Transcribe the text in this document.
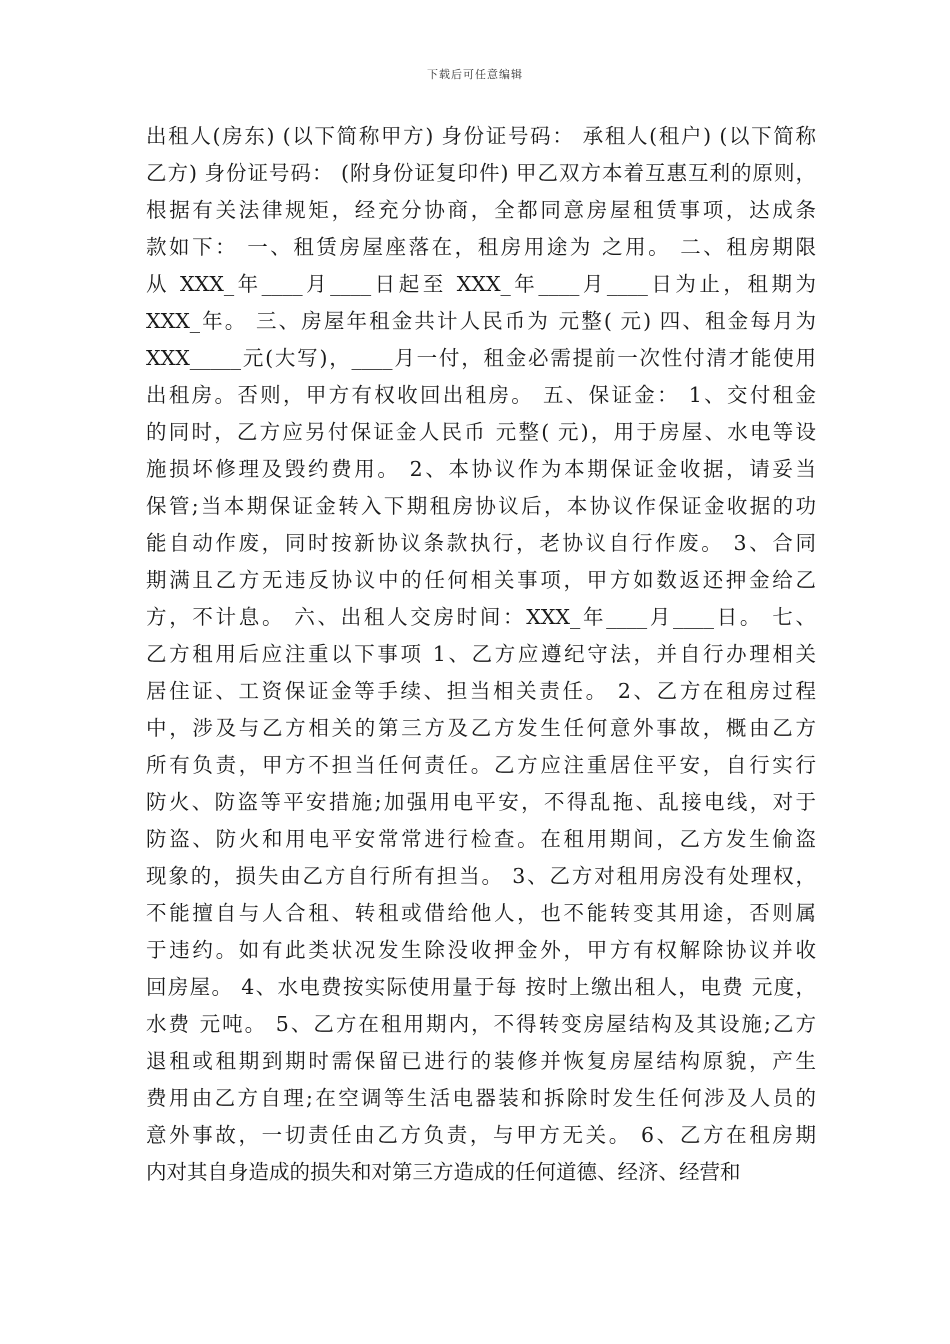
下载后可任意编辑
出租人(房东) (以下简称甲方) 身份证号码： 承租人(租户) (以下简称
乙方) 身份证号码： (附身份证复印件) 甲乙双方本着互惠互利的原则，
根据有关法律规矩，经充分协商，全都同意房屋租赁事项，达成条
款如下： 一、租赁房屋座落在，租房用途为 之用。 二、租房期限
从 XXX_年____月____日起至 XXX_年____月____日为止，租期为
XXX_年。 三、房屋年租金共计人民币为 元整( 元) 四、租金每月为
XXX_____元(大写)，____月一付，租金必需提前一次性付清才能使用
出租房。否则，甲方有权收回出租房。 五、保证金： 1、交付租金
的同时，乙方应另付保证金人民币 元整( 元)，用于房屋、水电等设
施损坏修理及毁约费用。 2、本协议作为本期保证金收据，请妥当
保管;当本期保证金转入下期租房协议后，本协议作保证金收据的功
能自动作废，同时按新协议条款执行，老协议自行作废。 3、合同
期满且乙方无违反协议中的任何相关事项，甲方如数返还押金给乙
方，不计息。 六、出租人交房时间：XXX_年____月____日。 七、
乙方租用后应注重以下事项 1、乙方应遵纪守法，并自行办理相关
居住证、工资保证金等手续、担当相关责任。 2、乙方在租房过程
中，涉及与乙方相关的第三方及乙方发生任何意外事故，概由乙方
所有负责，甲方不担当任何责任。乙方应注重居住平安，自行实行
防火、防盗等平安措施;加强用电平安，不得乱拖、乱接电线，对于
防盗、防火和用电平安常常进行检查。在租用期间，乙方发生偷盗
现象的，损失由乙方自行所有担当。 3、乙方对租用房没有处理权，
不能擅自与人合租、转租或借给他人，也不能转变其用途，否则属
于违约。如有此类状况发生除没收押金外，甲方有权解除协议并收
回房屋。 4、水电费按实际使用量于每 按时上缴出租人，电费 元度，
水费 元吨。 5、乙方在租用期内，不得转变房屋结构及其设施;乙方
退租或租期到期时需保留已进行的装修并恢复房屋结构原貌，产生
费用由乙方自理;在空调等生活电器装和拆除时发生任何涉及人员的
意外事故，一切责任由乙方负责，与甲方无关。 6、乙方在租房期
内对其自身造成的损失和对第三方造成的任何道德、经济、经营和
